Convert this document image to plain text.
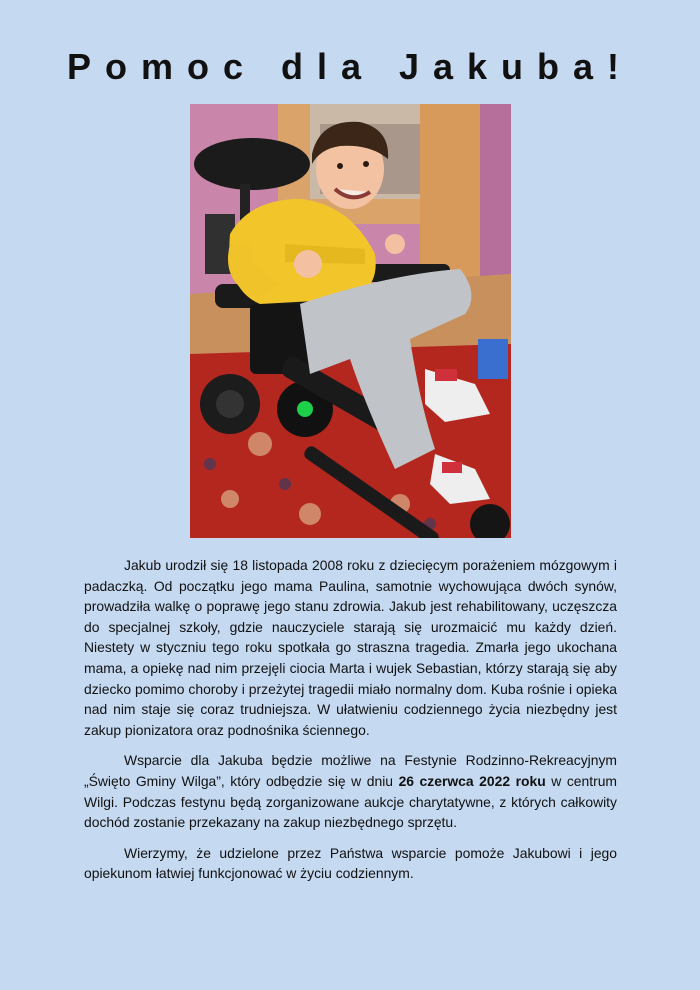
Pomoc dla Jakuba!

Jakub urodził się 18 listopada 2008 roku z dziecięcym porażeniem mózgowym i padaczką. Od początku jego mama Paulina, samotnie wychowująca dwóch synów, prowadziła walkę o poprawę jego stanu zdrowia. Jakub jest rehabilitowany, uczęszcza do specjalnej szkoły, gdzie nauczyciele starają się urozmaicić mu każdy dzień. Niestety w styczniu tego roku spotkała go straszna tragedia. Zmarła jego ukochana mama, a opiekę nad nim przejęli ciocia Marta i wujek Sebastian, którzy starają się aby dziecko pomimo choroby i przeżytej tragedii miało normalny dom. Kuba rośnie i opieka nad nim staje się coraz trudniejsza. W ułatwieniu codziennego życia niezbędny jest zakup pionizatora oraz podnośnika ściennego.

Wsparcie dla Jakuba będzie możliwe na Festynie Rodzinno-Rekreacyjnym „Święto Gminy Wilga”, który odbędzie się w dniu 26 czerwca 2022 roku w centrum Wilgi. Podczas festynu będą zorganizowane aukcje charytatywne, z których całkowity dochód zostanie przekazany na zakup niezbędnego sprzętu.

Wierzymy, że udzielone przez Państwa wsparcie pomoże Jakubowi i jego opiekunom łatwiej funkcjonować w życiu codziennym.
